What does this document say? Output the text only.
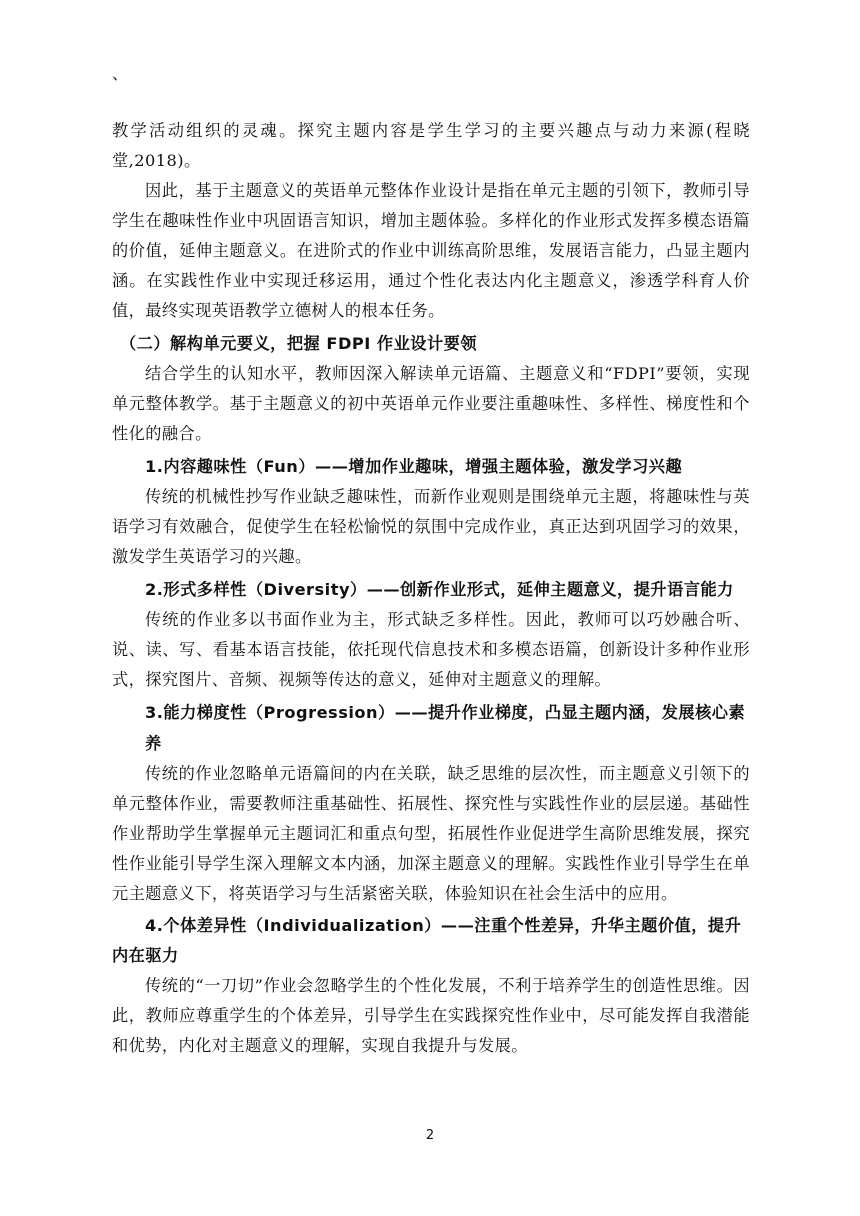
、

教学活动组织的灵魂。探究主题内容是学生学习的主要兴趣点与动力来源(程晓堂,2018)。

因此，基于主题意义的英语单元整体作业设计是指在单元主题的引领下，教师引导学生在趣味性作业中巩固语言知识，增加主题体验。多样化的作业形式发挥多模态语篇的价值，延伸主题意义。在进阶式的作业中训练高阶思维，发展语言能力，凸显主题内涵。在实践性作业中实现迁移运用，通过个性化表达内化主题意义，渗透学科育人价值，最终实现英语教学立德树人的根本任务。

（二）解构单元要义，把握 FDPI 作业设计要领

结合学生的认知水平，教师因深入解读单元语篇、主题意义和“FDPI”要领，实现单元整体教学。基于主题意义的初中英语单元作业要注重趣味性、多样性、梯度性和个性化的融合。

1.内容趣味性（Fun）——增加作业趣味，增强主题体验，激发学习兴趣

传统的机械性抄写作业缺乏趣味性，而新作业观则是围绕单元主题，将趣味性与英语学习有效融合，促使学生在轻松愉悦的氛围中完成作业，真正达到巩固学习的效果，激发学生英语学习的兴趣。

2.形式多样性（Diversity）——创新作业形式，延伸主题意义，提升语言能力

传统的作业多以书面作业为主，形式缺乏多样性。因此，教师可以巧妙融合听、说、读、写、看基本语言技能，依托现代信息技术和多模态语篇，创新设计多种作业形式，探究图片、音频、视频等传达的意义，延伸对主题意义的理解。

3.能力梯度性（Progression）——提升作业梯度，凸显主题内涵，发展核心素养

传统的作业忽略单元语篇间的内在关联，缺乏思维的层次性，而主题意义引领下的单元整体作业，需要教师注重基础性、拓展性、探究性与实践性作业的层层递。基础性作业帮助学生掌握单元主题词汇和重点句型，拓展性作业促进学生高阶思维发展，探究性作业能引导学生深入理解文本内涵，加深主题意义的理解。实践性作业引导学生在单元主题意义下，将英语学习与生活紧密关联，体验知识在社会生活中的应用。

4.个体差异性（Individualization）——注重个性差异，升华主题价值，提升内在驱力

传统的“一刀切”作业会忽略学生的个性化发展，不利于培养学生的创造性思维。因此，教师应尊重学生的个体差异，引导学生在实践探究性作业中，尽可能发挥自我潜能和优势，内化对主题意义的理解，实现自我提升与发展。

2
